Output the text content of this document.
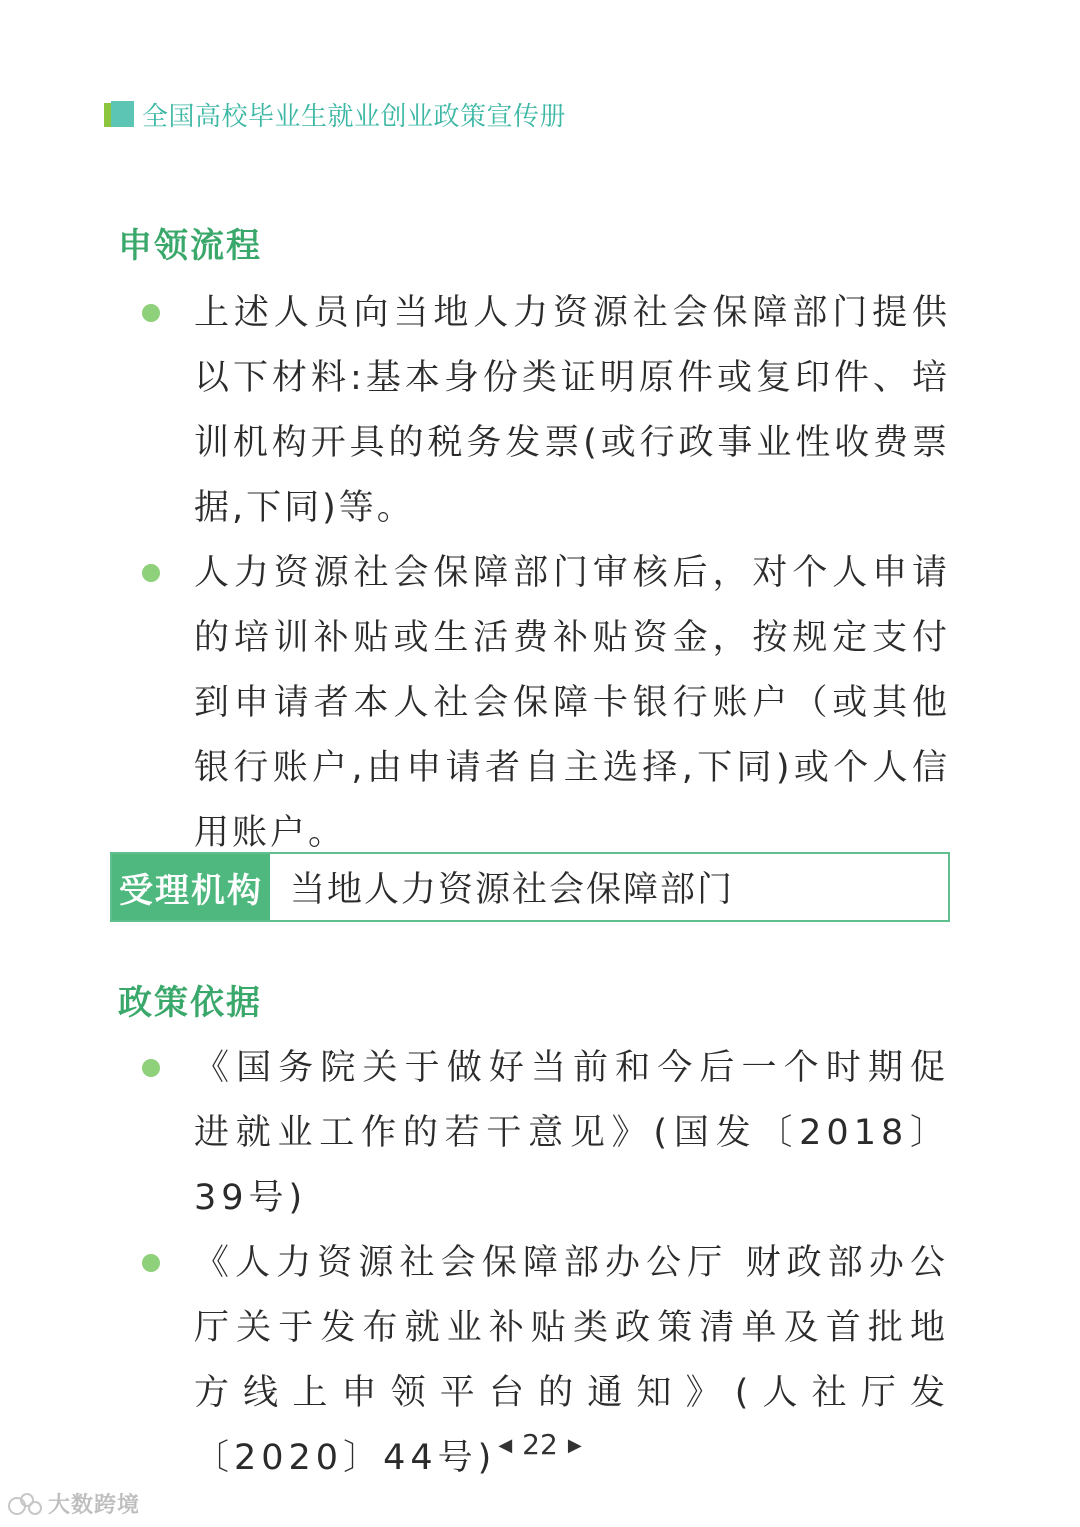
全国高校毕业生就业创业政策宣传册
申领流程
上述人员向当地人力资源社会保障部门提供以下材料:基本身份类证明原件或复印件、培训机构开具的税务发票(或行政事业性收费票据,下同)等。
人力资源社会保障部门审核后，对个人申请的培训补贴或生活费补贴资金，按规定支付到申请者本人社会保障卡银行账户（或其他银行账户,由申请者自主选择,下同)或个人信用账户。
受理机构 当地人力资源社会保障部门
政策依据
《国务院关于做好当前和今后一个时期促进就业工作的若干意见》(国发〔2018〕39号)
《人力资源社会保障部办公厅 财政部办公厅关于发布就业补贴类政策清单及首批地方线上申领平台的通知》(人社厅发〔2020〕44号) ◀ 22 ▶
大数跨境
